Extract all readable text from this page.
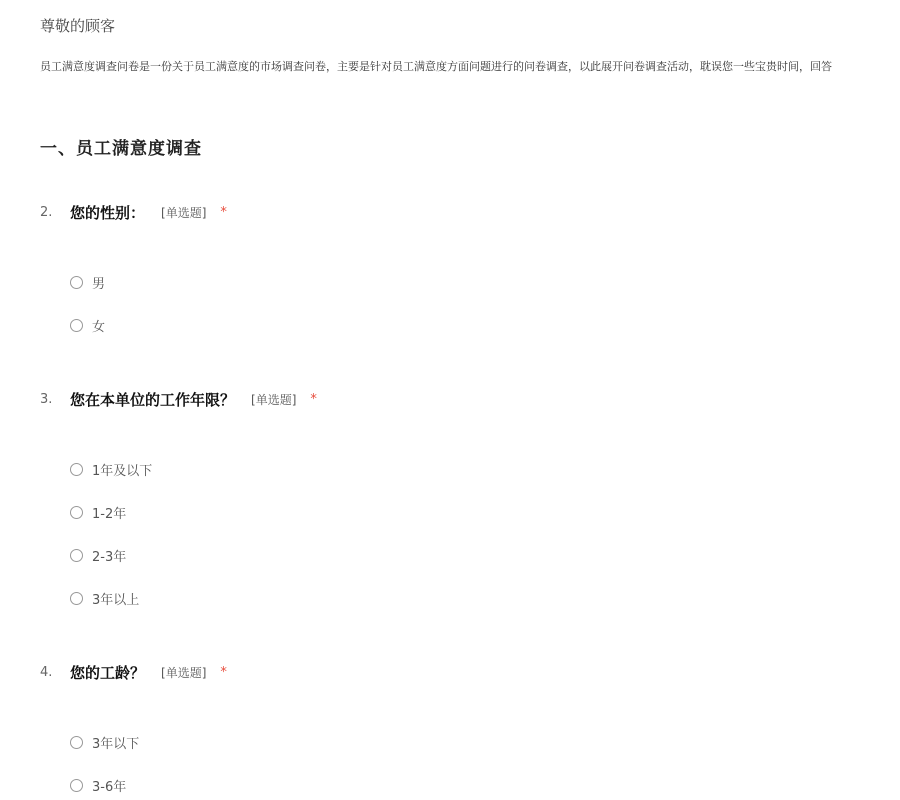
尊敬的顾客
员工满意度调查问卷是一份关于员工满意度的市场调查问卷，主要是针对员工满意度方面问题进行的问卷调查，以此展开问卷调查活动，耽误您一些宝贵时间，回答
一、员工满意度调查
2.	您的性别： [单选题] *
男
女
3.	您在本单位的工作年限？ [单选题] *
1年及以下
1-2年
2-3年
3年以上
4.	您的工龄？ [单选题] *
3年以下
3-6年
